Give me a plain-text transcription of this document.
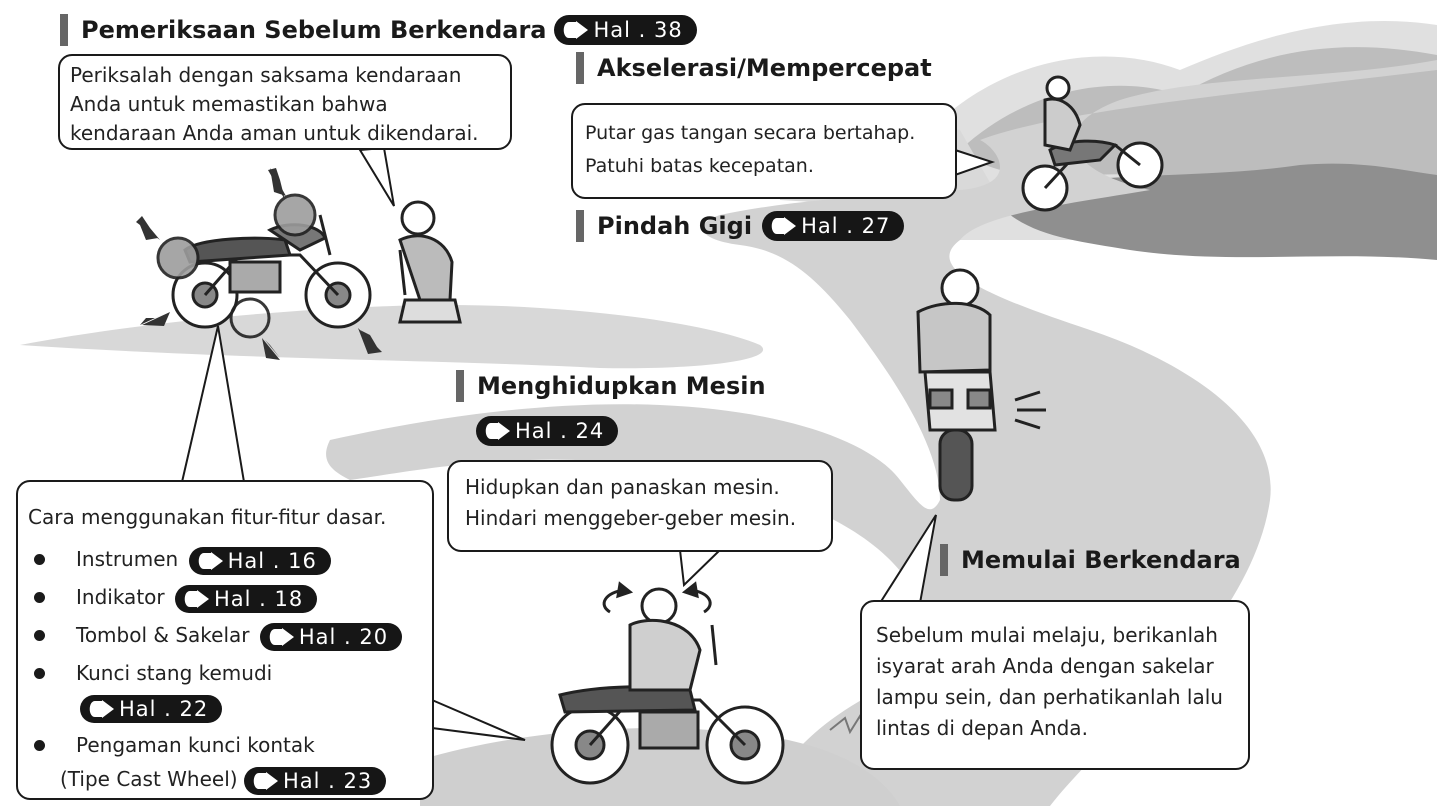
Pemeriksaan Sebelum Berkendara Hal . 38
Akselerasi/Mempercepat
Pindah Gigi Hal . 27
Menghidupkan Mesin
Hal . 24
Memulai Berkendara

Periksalah dengan saksama kendaraan Anda untuk memastikan bahwa kendaraan Anda aman untuk dikendarai.	Putar gas tangan secara bertahap.

Patuhi batas kecepatan.

Hidupkan dan panaskan mesin.

Hindari menggeber-geber mesin.

Sebelum mulai melaju, berikanlah isyarat arah Anda dengan sakelar lampu sein, dan perhatikanlah lalu lintas di depan Anda.

Cara menggunakan fitur-fitur dasar.

Instrumen Hal . 16
Indikator Hal . 18
Tombol & Sakelar Hal . 20
Kunci stang kemudi
Hal . 22
Pengaman kunci kontak
(Tipe Cast Wheel) Hal . 23
